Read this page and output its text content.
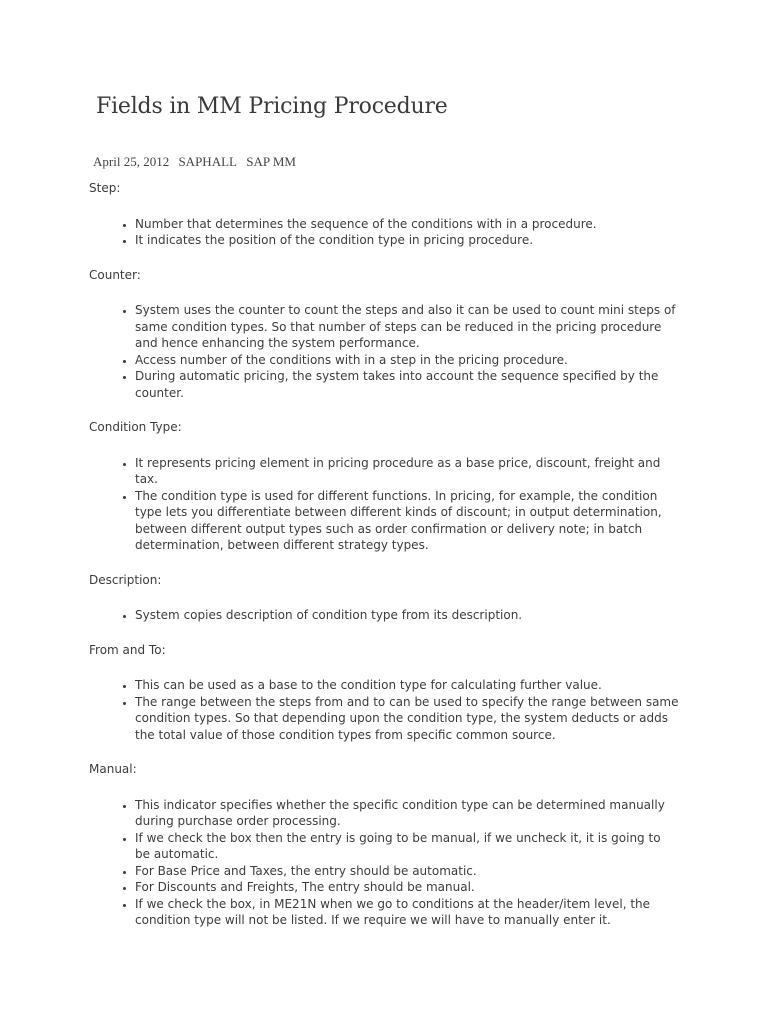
Fields in MM Pricing Procedure
April 25, 2012 SAPHALL SAP MM

Step:

• Number that determines the sequence of the conditions with in a procedure.
• It indicates the position of the condition type in pricing procedure.

Counter:

• System uses the counter to count the steps and also it can be used to count mini steps of same condition types. So that number of steps can be reduced in the pricing procedure and hence enhancing the system performance.
• Access number of the conditions with in a step in the pricing procedure.
• During automatic pricing, the system takes into account the sequence specified by the counter.

Condition Type:

• It represents pricing element in pricing procedure as a base price, discount, freight and tax.
• The condition type is used for different functions. In pricing, for example, the condition type lets you differentiate between different kinds of discount; in output determination, between different output types such as order confirmation or delivery note; in batch determination, between different strategy types.

Description:

• System copies description of condition type from its description.

From and To:

• This can be used as a base to the condition type for calculating further value.
• The range between the steps from and to can be used to specify the range between same condition types. So that depending upon the condition type, the system deducts or adds the total value of those condition types from specific common source.

Manual:

• This indicator specifies whether the specific condition type can be determined manually during purchase order processing.
• If we check the box then the entry is going to be manual, if we uncheck it, it is going to be automatic.
• For Base Price and Taxes, the entry should be automatic.
• For Discounts and Freights, The entry should be manual.
• If we check the box, in ME21N when we go to conditions at the header/item level, the condition type will not be listed. If we require we will have to manually enter it.
